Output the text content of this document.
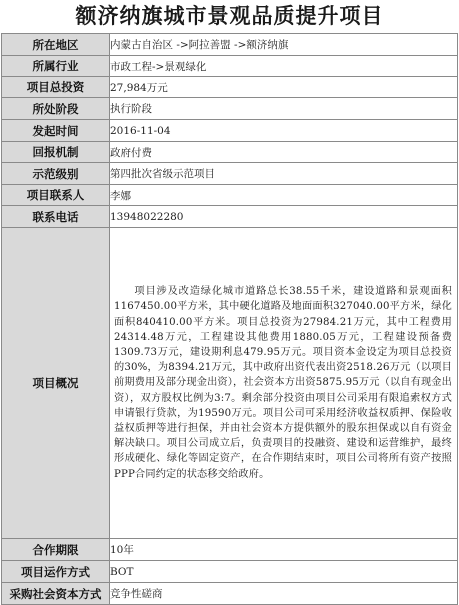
额济纳旗城市景观品质提升项目
所在地区	内蒙古自治区 ->阿拉善盟 ->额济纳旗
所属行业	市政工程->景观绿化
项目总投资	27,984万元
所处阶段	执行阶段
发起时间	2016-11-04
回报机制	政府付费
示范级别	第四批次省级示范项目
项目联系人	李娜
联系电话	13948022280
项目概况	项目涉及改造绿化城市道路总长38.55千米，建设道路和景观面积1167450.00平方米，其中硬化道路及地面面积327040.00平方米，绿化面积840410.00平方米。项目总投资为27984.21万元，其中工程费用24314.48万元，工程建设其他费用1880.05万元，工程建设预备费1309.73万元，建设期利息479.95万元。项目资本金设定为项目总投资的30%，为8394.21万元，其中政府出资代表出资2518.26万元（以项目前期费用及部分现金出资），社会资本方出资5875.95万元（以自有现金出资），双方股权比例为3:7。剩余部分投资由项目公司采用有限追索权方式申请银行贷款，为19590万元。项目公司可采用经济收益权质押、保险收益权质押等进行担保，并由社会资本方提供额外的股东担保或以自有资金解决缺口。项目公司成立后，负责项目的投融资、建设和运营维护，最终形成硬化、绿化等固定资产，在合作期结束时，项目公司将所有资产按照PPP合同约定的状态移交给政府。
合作期限	10年
项目运作方式	BOT
采购社会资本方式	竞争性磋商
